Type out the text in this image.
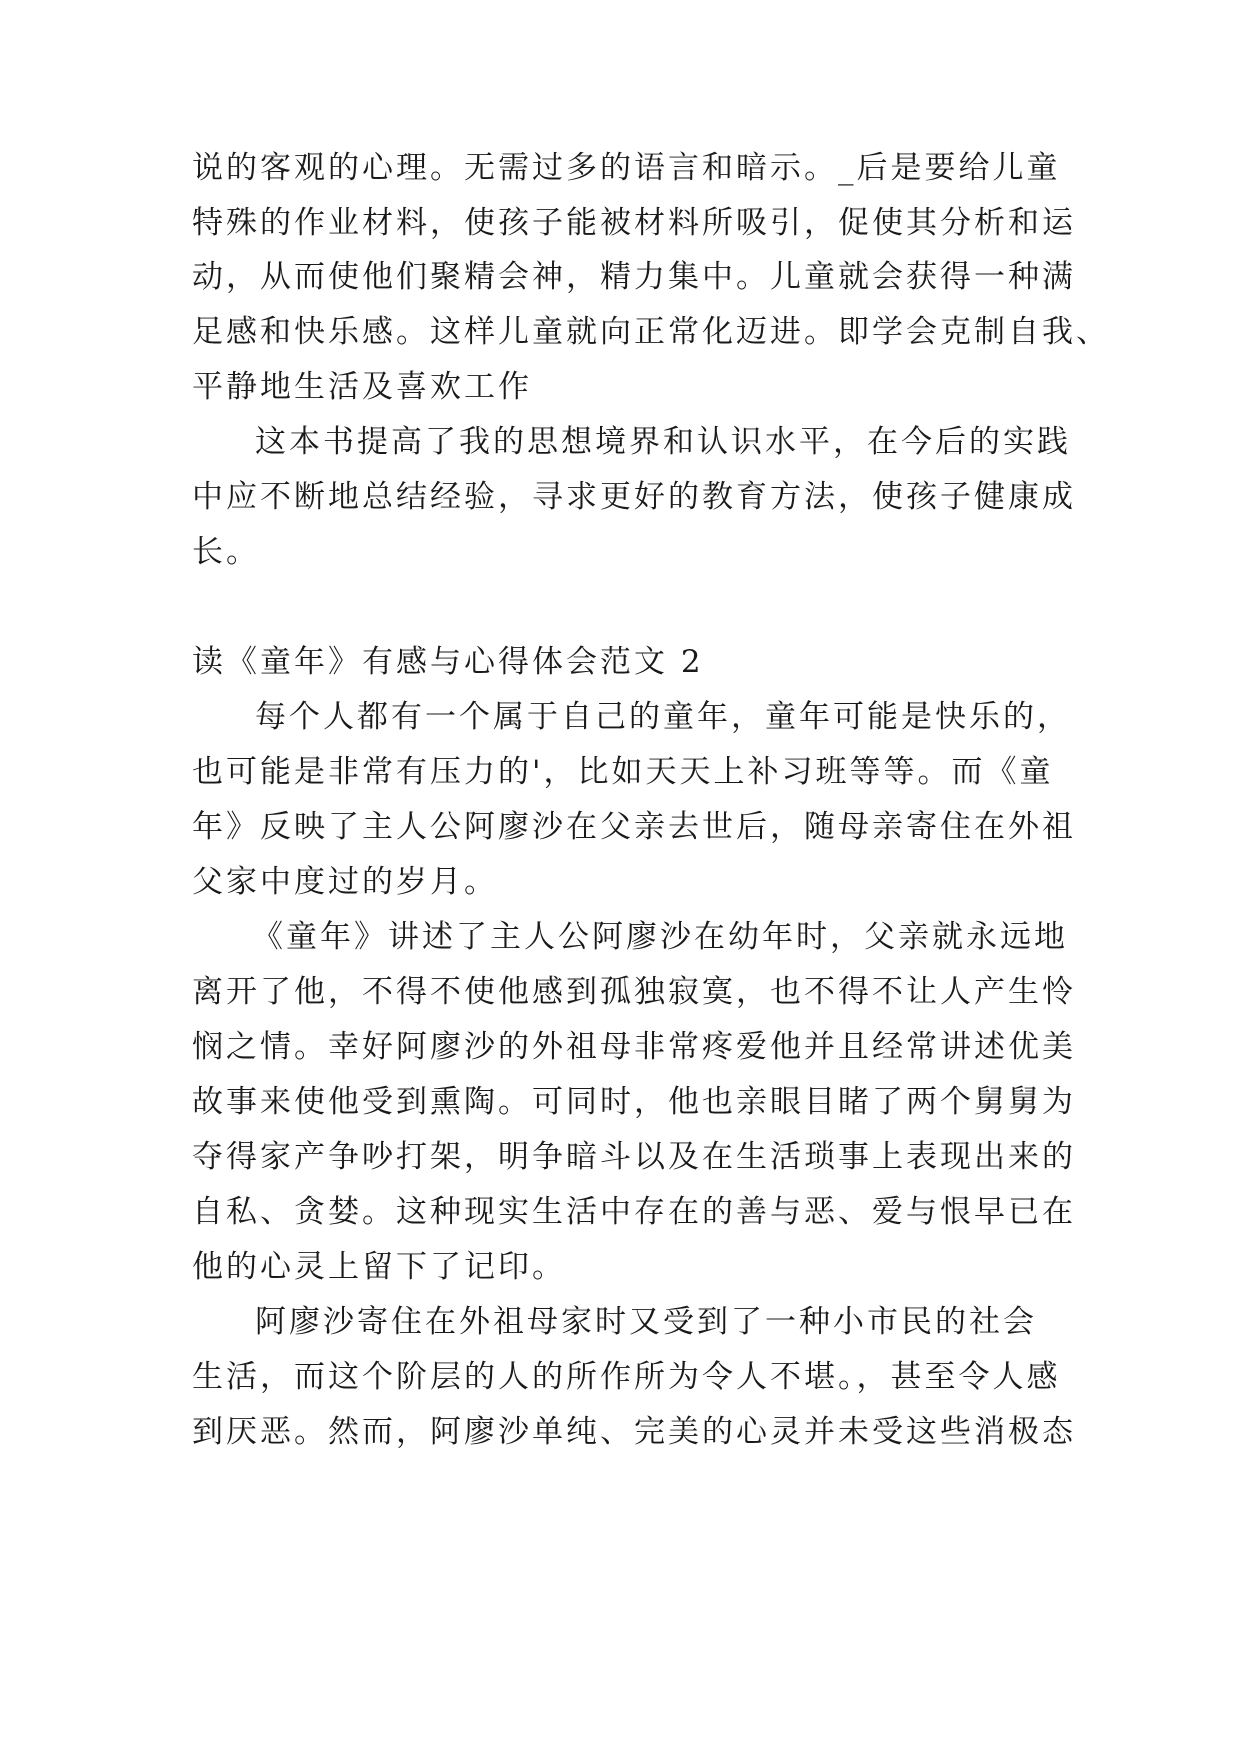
说的客观的心理。无需过多的语言和暗示。_后是要给儿童
特殊的作业材料，使孩子能被材料所吸引，促使其分析和运
动，从而使他们聚精会神，精力集中。儿童就会获得一种满
足感和快乐感。这样儿童就向正常化迈进。即学会克制自我、
平静地生活及喜欢工作
这本书提高了我的思想境界和认识水平，在今后的实践
中应不断地总结经验，寻求更好的教育方法，使孩子健康成
长。
读《童年》有感与心得体会范文 2
每个人都有一个属于自己的童年，童年可能是快乐的，
也可能是非常有压力的'，比如天天上补习班等等。而《童
年》反映了主人公阿廖沙在父亲去世后，随母亲寄住在外祖
父家中度过的岁月。
《童年》讲述了主人公阿廖沙在幼年时，父亲就永远地
离开了他，不得不使他感到孤独寂寞，也不得不让人产生怜
悯之情。幸好阿廖沙的外祖母非常疼爱他并且经常讲述优美
故事来使他受到熏陶。可同时，他也亲眼目睹了两个舅舅为
夺得家产争吵打架，明争暗斗以及在生活琐事上表现出来的
自私、贪婪。这种现实生活中存在的善与恶、爱与恨早已在
他的心灵上留下了记印。
阿廖沙寄住在外祖母家时又受到了一种小市民的社会
生活，而这个阶层的人的所作所为令人不堪。，甚至令人感
到厌恶。然而，阿廖沙单纯、完美的心灵并未受这些消极态
